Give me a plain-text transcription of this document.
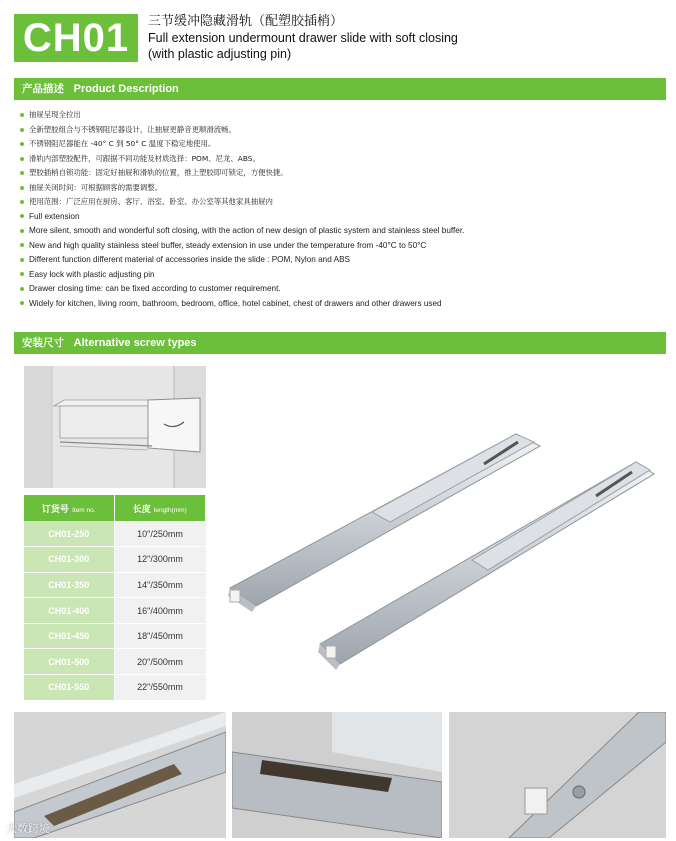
CH01	三节缓冲隐藏滑轨（配塑胶插梢）
Full extension undermount drawer slide with soft closing
(with plastic adjusting pin)
产品描述 Product Description
抽屉呈现全拉出
全新塑胶组合与不锈钢阻尼器设计，让抽屉更静音更顺滑流畅。
不锈钢阻尼器能在 -40° C 到 50° C 温度下稳定地使用。
滑轨内部塑胶配件，可跟据不同功能及材质选择：POM、尼龙、ABS。
塑胶插梢自锁功能：固定好抽屉和滑轨的位置，推上塑胶即可锁定，方便快捷。
抽屉关闭时间：可根据顾客的需要调整。
使用范围：广泛应用在厨房、客厅、浴室、卧室、办公室等其他家具抽屉内
Full extension
More silent, smooth and wonderful soft closing, with the action of new design of plastic system and stainless steel buffer.
New and high quality stainless steel buffer, steady extension in use under the temperature from -40°C to 50°C
Different function different material of accessories inside the slide : POM, Nylon and ABS
Easy lock with plastic adjusting pin
Drawer closing time: can be fixed according to customer requirement.
Widely for kitchen, living room, bathroom, bedroom, office, hotel cabinet, chest of drawers and other drawers used
安装尺寸 Alternative screw types
订货号 Item no.	长度 length(mm)
CH01-250	10"/250mm
CH01-300	12"/300mm
CH01-350	14"/350mm
CH01-400	16"/400mm
CH01-450	18"/450mm
CH01-500	20"/500mm
CH01-550	22"/550mm
大数跨境
